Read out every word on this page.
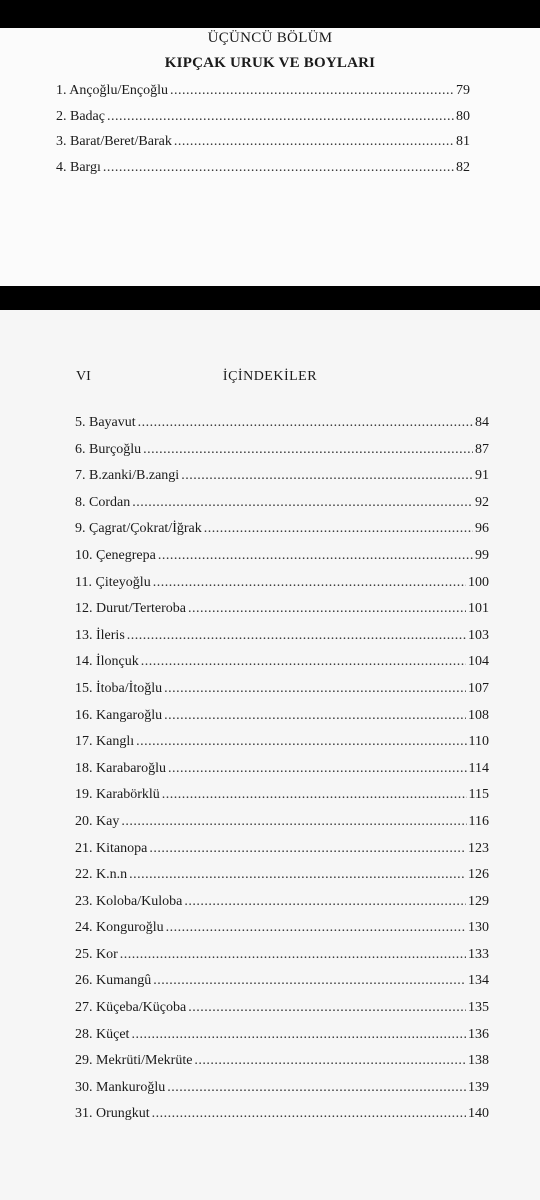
ÜÇÜNCÜ BÖLÜM
KIPÇAK URUK VE BOYLARI
1. Ançoğlu/Ençoğlu .....	79
2. Badaç .....	80
3. Barat/Beret/Barak .....	81
4. Bargı .....	82
VI	İÇİNDEKİLER
5. Bayavut .....	84
6. Burçoğlu .....	87
7. B.zanki/B.zangi .....	91
8. Cordan .....	92
9. Çagrat/Çokrat/İğrak .....	96
10. Çenegrepa .....	99
11. Çiteyoğlu .....	100
12. Durut/Terteroba .....	101
13. İleris .....	103
14. İlonçuk .....	104
15. İtoba/İtoğlu .....	107
16. Kangaroğlu .....	108
17. Kanglı .....	110
18. Karabaroğlu .....	114
19. Karabörklü .....	115
20. Kay .....	116
21. Kitanopa .....	123
22. K.n.n .....	126
23. Koloba/Kuloba .....	129
24. Konguroğlu .....	130
25. Kor .....	133
26. Kumangû .....	134
27. Küçeba/Küçoba .....	135
28. Küçet .....	136
29. Mekrüti/Mekrüte .....	138
30. Mankuroğlu .....	139
31. Orungkut .....	140
